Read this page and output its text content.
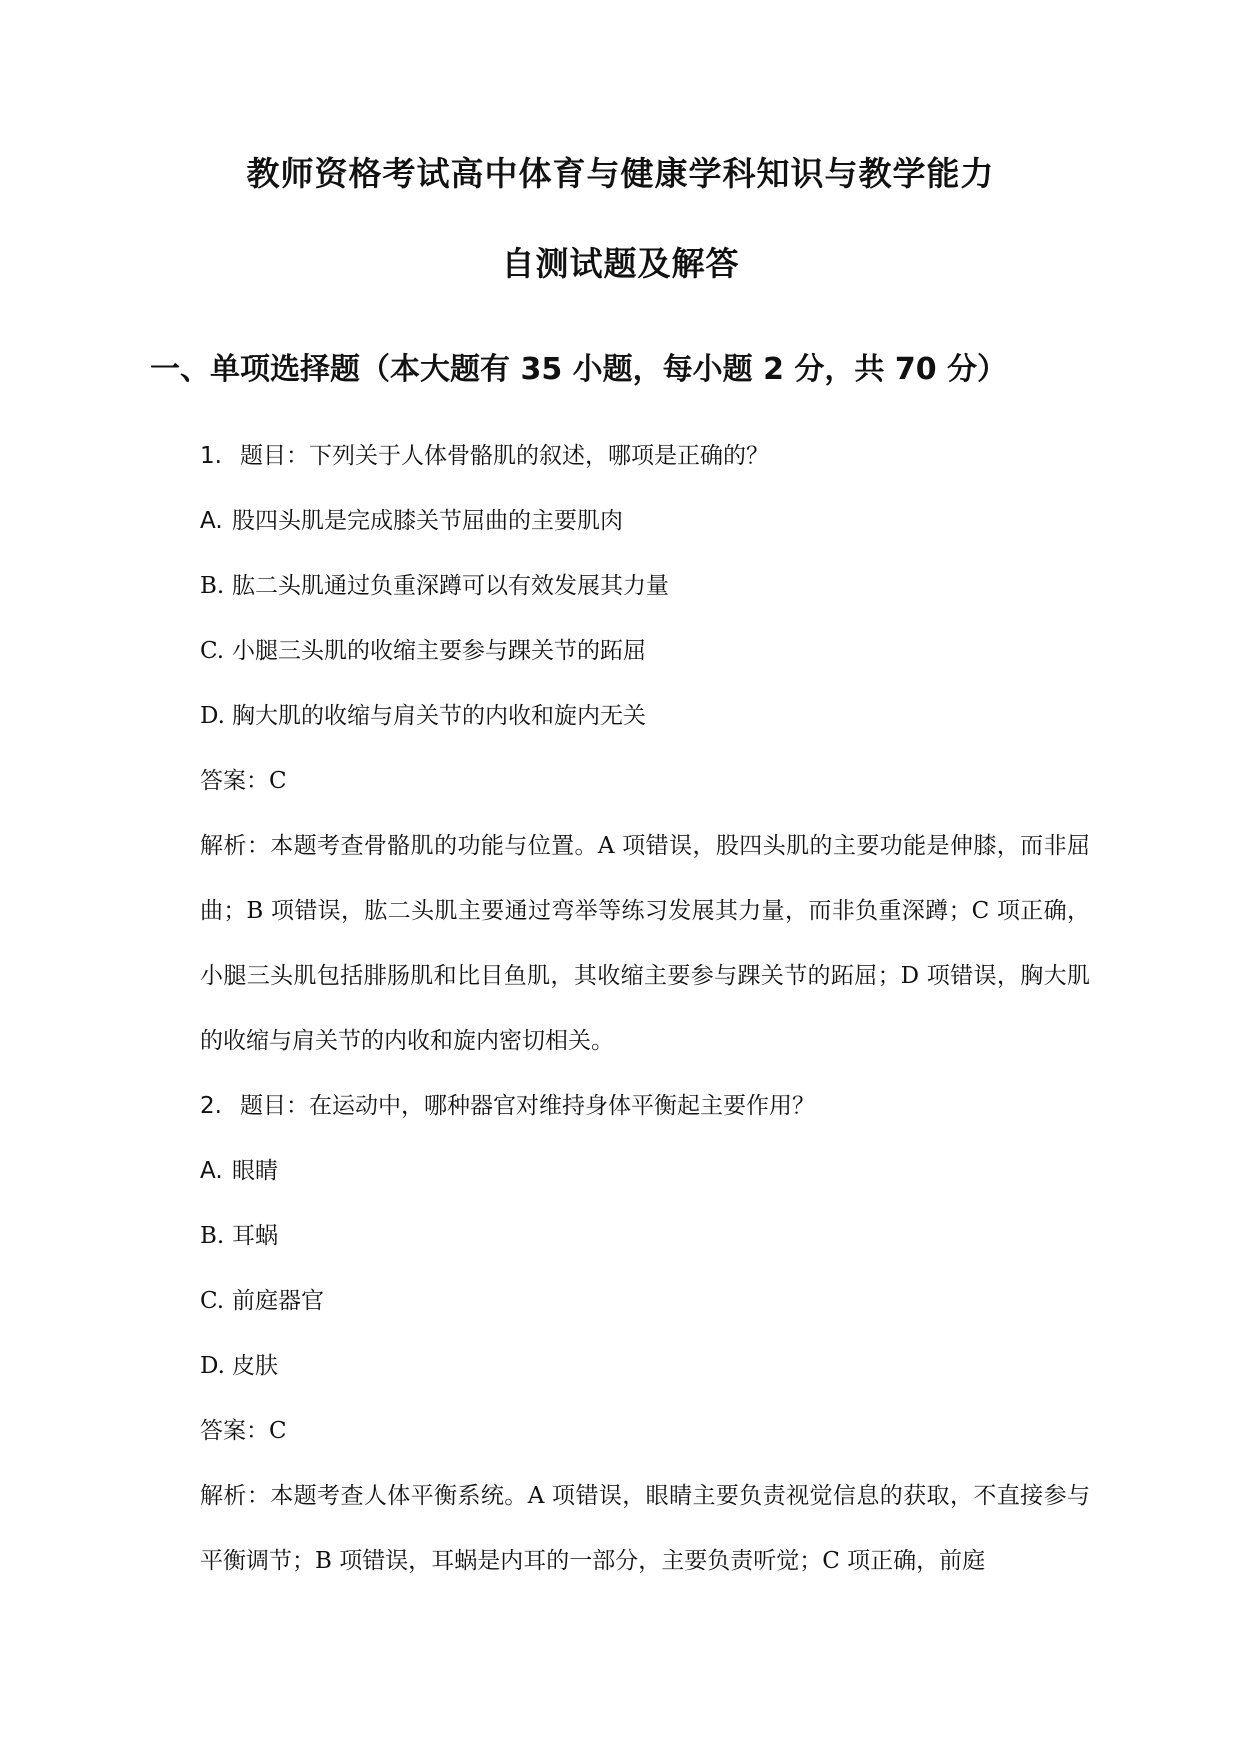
教师资格考试高中体育与健康学科知识与教学能力
自测试题及解答
一、单项选择题（本大题有 35 小题，每小题 2 分，共 70 分）

1. 题目：下列关于人体骨骼肌的叙述，哪项是正确的？

A. 股四头肌是完成膝关节屈曲的主要肌肉

B. 肱二头肌通过负重深蹲可以有效发展其力量

C. 小腿三头肌的收缩主要参与踝关节的跖屈

D. 胸大肌的收缩与肩关节的内收和旋内无关

答案：C

解析：本题考查骨骼肌的功能与位置。A 项错误，股四头肌的主要功能是伸膝，而非屈曲；B 项错误，肱二头肌主要通过弯举等练习发展其力量，而非负重深蹲；C 项正确，小腿三头肌包括腓肠肌和比目鱼肌，其收缩主要参与踝关节的跖屈；D 项错误，胸大肌的收缩与肩关节的内收和旋内密切相关。

2. 题目：在运动中，哪种器官对维持身体平衡起主要作用？

A. 眼睛

B. 耳蜗

C. 前庭器官

D. 皮肤

答案：C

解析：本题考查人体平衡系统。A 项错误，眼睛主要负责视觉信息的获取，不直接参与平衡调节；B 项错误，耳蜗是内耳的一部分，主要负责听觉；C 项正确，前庭
